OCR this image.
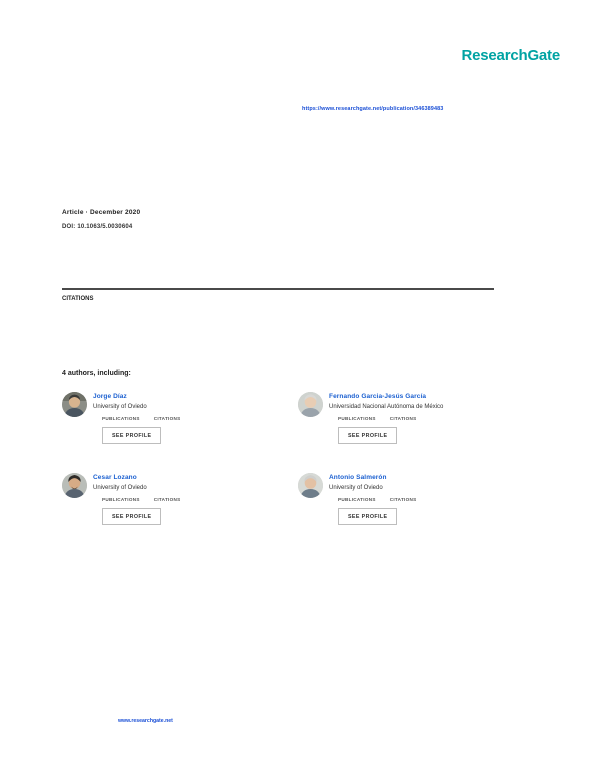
ResearchGate
https://www.researchgate.net/publication/346389483
Article · December 2020
DOI: 10.1063/5.0030604
CITATIONS
4 authors, including:
Jorge Díaz
University of Oviedo
PUBLICATIONS	CITATIONS
SEE PROFILE
Fernando Garcia-Jesús García
Universidad Nacional Autónoma de México
PUBLICATIONS	CITATIONS
SEE PROFILE
Cesar Lozano
University of Oviedo
PUBLICATIONS	CITATIONS
SEE PROFILE
Antonio Salmerón
University of Oviedo
PUBLICATIONS	CITATIONS
SEE PROFILE
www.researchgate.net
